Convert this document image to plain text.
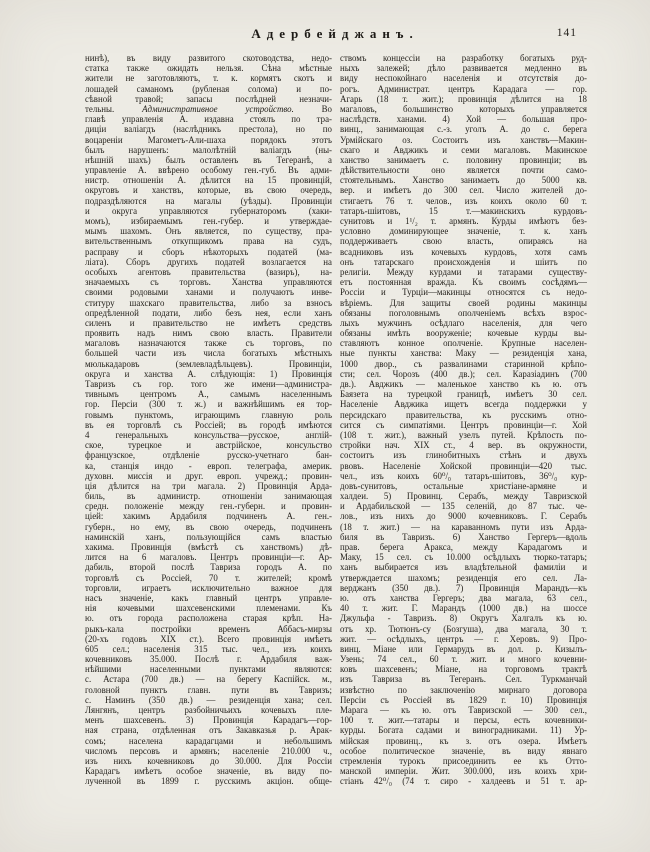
Адербейджанъ.	141
нинѣ), въ виду развитого скотоводства, недо-
статка также ожидать нельзя. Сѣна мѣстные
жители не заготовляютъ, т. к. кормятъ скотъ и
лошадей саманомъ (рубленая солома) и по-
сѣвной травой; запасы послѣдней незначи-
тельны. Административное устройство. Во
главѣ управленія А. издавна стоялъ по тра-
диціи валіагдъ (наслѣдникъ престола), но по
воцареніи Магометъ-Али-шаха порядокъ этотъ
былъ нарушенъ: малолѣтній валіагдъ (ны-
нѣшній шахъ) былъ оставленъ въ Тегеранѣ, а
управленіе А. ввѣрено особому ген.-губ. Въ адми-
нистр. отношеніи А. дѣлится на 15 провинцій,
округовъ и ханствъ, которые, въ свою очередь,
подраздѣляются на магалы (уѣзды). Провинціи
и округа управляются губернаторомъ (хаки-
момъ), избираемымъ ген.-губер. и утверждае-
мымъ шахомъ. Онъ является, по существу, пра-
вительственнымъ откупщикомъ права на судъ,
расправу и сборъ нѣкоторыхъ податей (ма-
ліата). Сборъ другихъ податей возлагается на
особыхъ агентовъ правительства (вазиръ), на-
значаемыхъ съ торговъ. Ханства управляются
своими родовыми ханами и получаютъ инве-
ституру шахскаго правительства, либо за взносъ
опредѣленной подати, либо безъ нея, если ханъ
силенъ и правительство не имѣетъ средствъ
проявить надъ нимъ свою власть. Правители
магаловъ назначаются также съ торговъ, по
большей части изъ числа богатыхъ мѣстныхъ
мюлькадаровъ (землевладѣльцевъ). Провинціи,
округа и ханства А. слѣдующія: 1) Провинція
Тавризъ съ гор. того же имени—администра-
тивнымъ центромъ А., самымъ населеннымъ
гор. Персіи (300 т. ж.) и важнѣйшимъ ея тор-
говымъ пунктомъ, играющимъ главную роль
въ ея торговлѣ съ Россіей; въ городѣ имѣются
4 генеральныхъ консульства—русское, англій-
ское, турецкое и австрійское, консульство
французское, отдѣленіе русско-учетнаго бан-
ка, станція индо - европ. телеграфа, америк.
духовн. миссія и друг. европ. учрежд.; провин-
ція дѣлится на три магала. 2) Провинція Арда-
биль, въ администр. отношеніи занимающая
средн. положеніе между ген.-губерн. и провин-
ціей: хакимъ Ардабиля подчиненъ А. ген.-
губерн., но ему, въ свою очередь, подчиненъ
наминскій ханъ, пользующійся самъ властью
хакима. Провинція (вмѣстѣ съ ханствомъ) дѣ-
лится на 6 магаловъ. Центръ провинціи—г. Ар-
дабиль, второй послѣ Тавриза городъ А. по
торговлѣ съ Россіей, 70 т. жителей; кромѣ
торговли, играетъ исключительно важное для
насъ значеніе, какъ главный центръ управле-
нія кочевыми шахсевенскими племенами. Къ
ю. отъ города расположена старая крѣп. На-
рыкъ-кала постройки временъ Аббасъ-мирзы
(20-хъ годовъ XIX ст.). Всего провинція имѣетъ
605 сел.; населенія 315 тыс. чел., изъ коихъ
кочевниковъ 35.000. Послѣ г. Ардабиля важ-
нѣйшими населенными пунктами являются:
с. Астара (700 дв.) — на берегу Каспійск. м.,
головной пунктъ главн. пути въ Тавризъ;
с. Наминъ (350 дв.) — резиденція хана; сел.
Лянгянъ, центръ разбойничьихъ кочевыхъ пле-
менъ шахсевенъ. 3) Провинція Карадагъ—гор-
ная страна, отдѣленная отъ Закавказья р. Арак-
сомъ; населена карадагцами и небольшимъ
числомъ персовъ и армянъ; населеніе 210.000 ч.,
изъ нихъ кочевниковъ до 30.000. Для Россіи
Карадагъ имѣетъ особое значеніе, въ виду по-
лученной въ 1899 г. русскимъ акціон. обще-
ствомъ концессіи на разработку богатыхъ руд-
ныхъ залежей; дѣло развивается медленно въ
виду неспокойнаго населенія и отсутствія до-
рогъ. Администрат. центръ Карадага — гор.
Агарь (18 т. жит.); провинція дѣлится на 18
магаловъ, большинство которыхъ управляется
наслѣдств. ханами. 4) Хой — большая про-
винц., занимающая с.-з. уголъ А. до с. берега
Урмійскаго оз. Состоитъ изъ ханствъ—Макин-
скаго и Авджикъ и семи магаловъ. Макинское
ханство занимаетъ с. половину провинціи; въ
дѣйствительности оно является почти само-
стоятельнымъ. Ханство занимаетъ до 5000 кв.
вер. и имѣетъ до 300 сел. Число жителей до-
стигаетъ 76 т. челов., изъ коихъ около 60 т.
татаръ-шіитовъ, 15 т.—макинскихъ курдовъ-
сунитовъ и 1¹/₂ т. армянъ. Курды имѣютъ без-
условно доминирующее значеніе, т. к. ханъ
поддерживаетъ свою власть, опираясь на
всадниковъ изъ кочевыхъ курдовъ, хотя самъ
онъ татарскаго происхожденія и шіитъ по
религіи. Между курдами и татарами существу-
етъ постоянная вражда. Къ своимъ сосѣдямъ—
Россіи и Турціи—макинцы относятся съ недо-
вѣріемъ. Для защиты своей родины макинцы
обязаны поголовнымъ ополченіемъ всѣхъ взрос-
лыхъ мужчинъ осѣдлаго населенія, для чего
обязаны имѣть вооруженіе; кочевые курды вы-
ставляютъ конное ополченіе. Крупные населен-
ные пункты ханства: Маку — резиденція хана,
1000 двор., съ развалинами старинной крѣпо-
сти; сел. Чорозъ (400 дв.); сел. Каразіадинъ (700
дв.). Авджикъ — маленькое ханство къ ю. отъ
Баязета на турецкой границѣ, имѣетъ 30 сел.
Населеніе Авджика ищетъ всегда поддержки у
персидскаго правительства, къ русскимъ отно-
сится съ симпатіями. Центръ провинціи—г. Хой
(108 т. жит.), важный узелъ путей. Крѣпость по-
стройки нач. XIX ст., 4 вер. въ окружности,
состоитъ изъ глинобитныхъ стѣнъ и двухъ
рвовъ. Населеніе Хойской провинціи—420 тыс.
чел., изъ коихъ 60⁰/₀ татаръ-шіитовъ, 36⁰/₀ кур-
довъ-сунитовъ, остальные христіане-армяне и
халдеи. 5) Провинц. Серабъ, между Тавризской
и Ардабильской — 135 селеній, до 87 тыс. че-
лов., изъ нихъ до 9000 кочевниковъ. Г. Серабъ
(18 т. жит.) — на караванномъ пути изъ Арда-
биля въ Тавризъ. 6) Ханство Гергеръ—вдоль
прав. берега Аракса, между Карадагомъ и
Маку, 15 сел. съ 10.000 осѣдлыхъ тюрко-татаръ;
ханъ выбирается изъ владѣтельной фамиліи и
утверждается шахомъ; резиденція его сел. Ла-
верджанъ (350 дв.). 7) Провинція Марандъ—къ
ю. отъ ханства Гергеръ; два магала, 63 сел.,
40 т. жит. Г. Марандъ (1000 дв.) на шоссе
Джульфа - Тавризъ. 8) Округъ Халгалъ къ ю.
отъ хр. Тютюнъ-су (Бозгуша), два магала, 30 т.
жит. — осѣдлыхъ, центръ — г. Херовъ. 9) Про-
винц. Міане или Гермарудъ въ дол. р. Кизылъ-
Узень; 74 сел., 60 т. жит. и много кочевни-
ковъ шахсевенъ; Міане, на торговомъ трактѣ
изъ Тавриза въ Тегеранъ. Сел. Туркманчай
извѣстно по заключенію мирнаго договора
Персіи съ Россіей въ 1829 г. 10) Провинція
Марага — къ ю. отъ Тавризской — 300 сел.,
100 т. жит.—татары и персы, есть кочевники-
курды. Богата садами и виноградниками. 11) Ур-
мійская провинц., къ з. отъ озера. Имѣетъ
особое политическое значеніе, въ виду явнаго
стремленія турокъ присоединить ее къ Отто-
манской имперіи. Жит. 300.000, изъ коихъ хри-
стіанъ 42⁰/₀ (74 т. сиро - халдеевъ и 51 т. ар-
